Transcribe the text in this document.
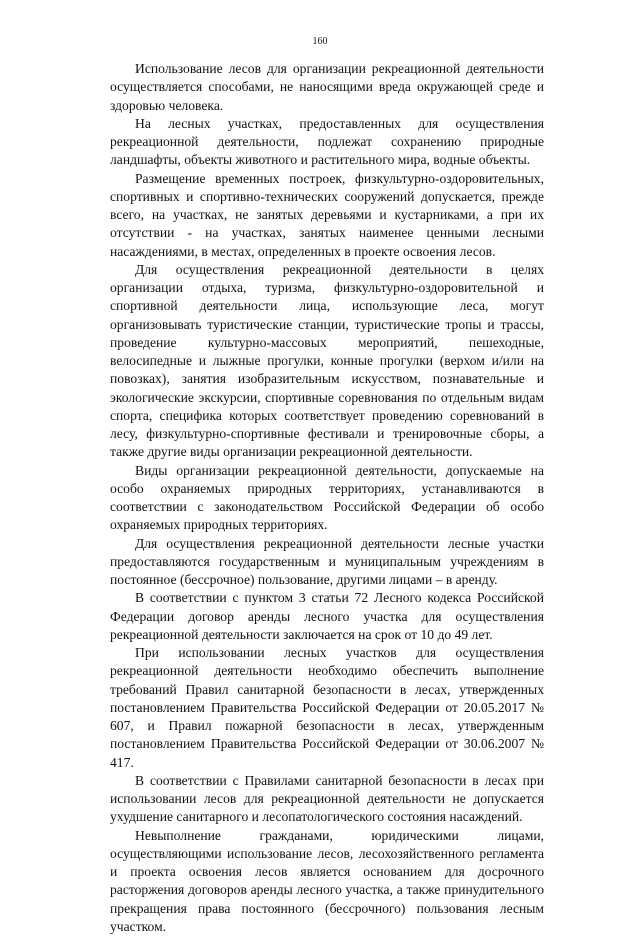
160

Использование лесов для организации рекреационной деятельности осуществляется способами, не наносящими вреда окружающей среде и здоровью человека.

На лесных участках, предоставленных для осуществления рекреационной деятельности, подлежат сохранению природные ландшафты, объекты животного и растительного мира, водные объекты.

Размещение временных построек, физкультурно-оздоровительных, спортивных и спортивно-технических сооружений допускается, прежде всего, на участках, не занятых деревьями и кустарниками, а при их отсутствии - на участках, занятых наименее ценными лесными насаждениями, в местах, определенных в проекте освоения лесов.

Для осуществления рекреационной деятельности в целях организации отдыха, туризма, физкультурно-оздоровительной и спортивной деятельности лица, использующие леса, могут организовывать туристические станции, туристические тропы и трассы, проведение культурно-массовых мероприятий, пешеходные, велосипедные и лыжные прогулки, конные прогулки (верхом и/или на повозках), занятия изобразительным искусством, познавательные и экологические экскурсии, спортивные соревнования по отдельным видам спорта, специфика которых соответствует проведению соревнований в лесу, физкультурно-спортивные фестивали и тренировочные сборы, а также другие виды организации рекреационной деятельности.

Виды организации рекреационной деятельности, допускаемые на особо охраняемых природных территориях, устанавливаются в соответствии с законодательством Российской Федерации об особо охраняемых природных территориях.

Для осуществления рекреационной деятельности лесные участки предоставляются государственным и муниципальным учреждениям в постоянное (бессрочное) пользование, другими лицами – в аренду.

В соответствии с пунктом 3 статьи 72 Лесного кодекса Российской Федерации договор аренды лесного участка для осуществления рекреационной деятельности заключается на срок от 10 до 49 лет.

При использовании лесных участков для осуществления рекреационной деятельности необходимо обеспечить выполнение требований Правил санитарной безопасности в лесах, утвержденных постановлением Правительства Российской Федерации от 20.05.2017 № 607, и Правил пожарной безопасности в лесах, утвержденным постановлением Правительства Российской Федерации от 30.06.2007 № 417.

В соответствии с Правилами санитарной безопасности в лесах при использовании лесов для рекреационной деятельности не допускается ухудшение санитарного и лесопатологического состояния насаждений.

Невыполнение гражданами, юридическими лицами, осуществляющими использование лесов, лесохозяйственного регламента и проекта освоения лесов является основанием для досрочного расторжения договоров аренды лесного участка, а также принудительного прекращения права постоянного (бессрочного) пользования лесным участком.
